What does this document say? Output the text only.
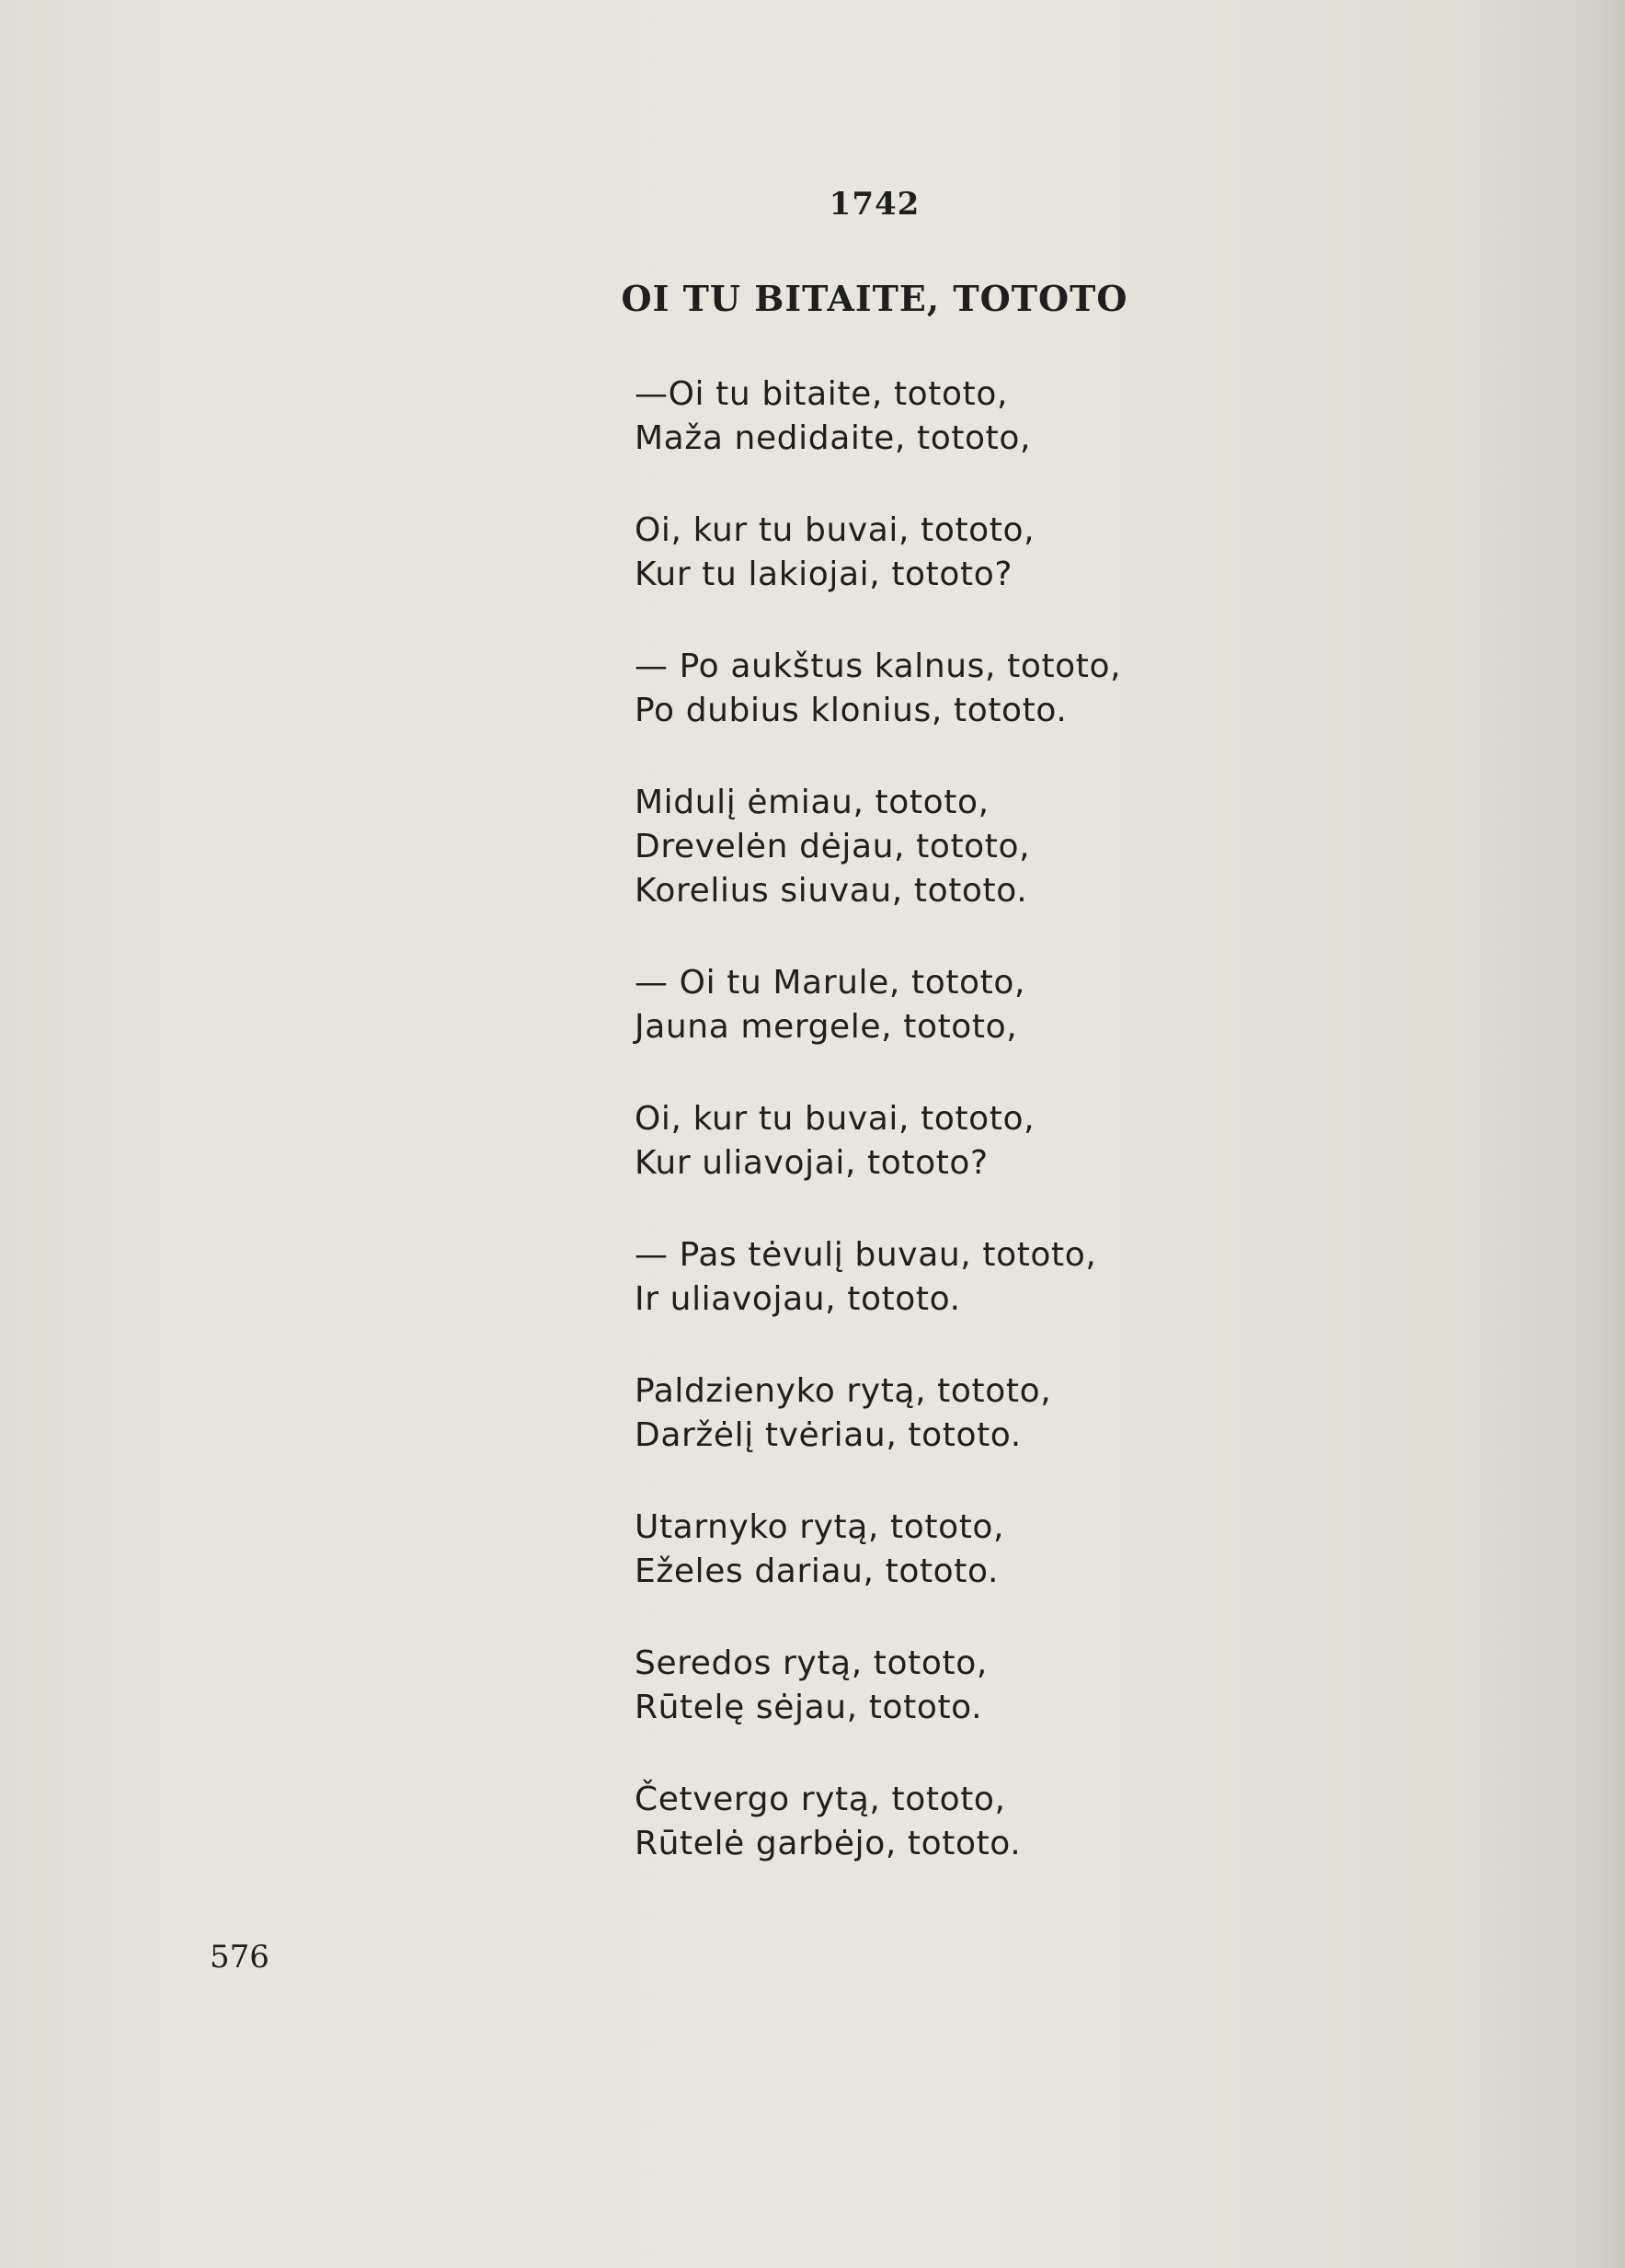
1742
OI TU BITAITE, TOTOTO
—Oi tu bitaite, tototo,
Maža nedidaite, tototo,
Oi, kur tu buvai, tototo,
Kur tu lakiojai, tototo?
— Po aukštus kalnus, tototo,
Po dubius klonius, tototo.
Midulį ėmiau, tototo,
Drevelėn dėjau, tototo,
Korelius siuvau, tototo.
— Oi tu Marule, tototo,
Jauna mergele, tototo,
Oi, kur tu buvai, tototo,
Kur uliavojai, tototo?
— Pas tėvulį buvau, tototo,
Ir uliavojau, tototo.
Paldzienyko rytą, tototo,
Daržėlį tvėriau, tototo.
Utarnyko rytą, tototo,
Eželes dariau, tototo.
Seredos rytą, tototo,
Rūtelę sėjau, tototo.
Četvergo rytą, tototo,
Rūtelė garbėjo, tototo.
576
